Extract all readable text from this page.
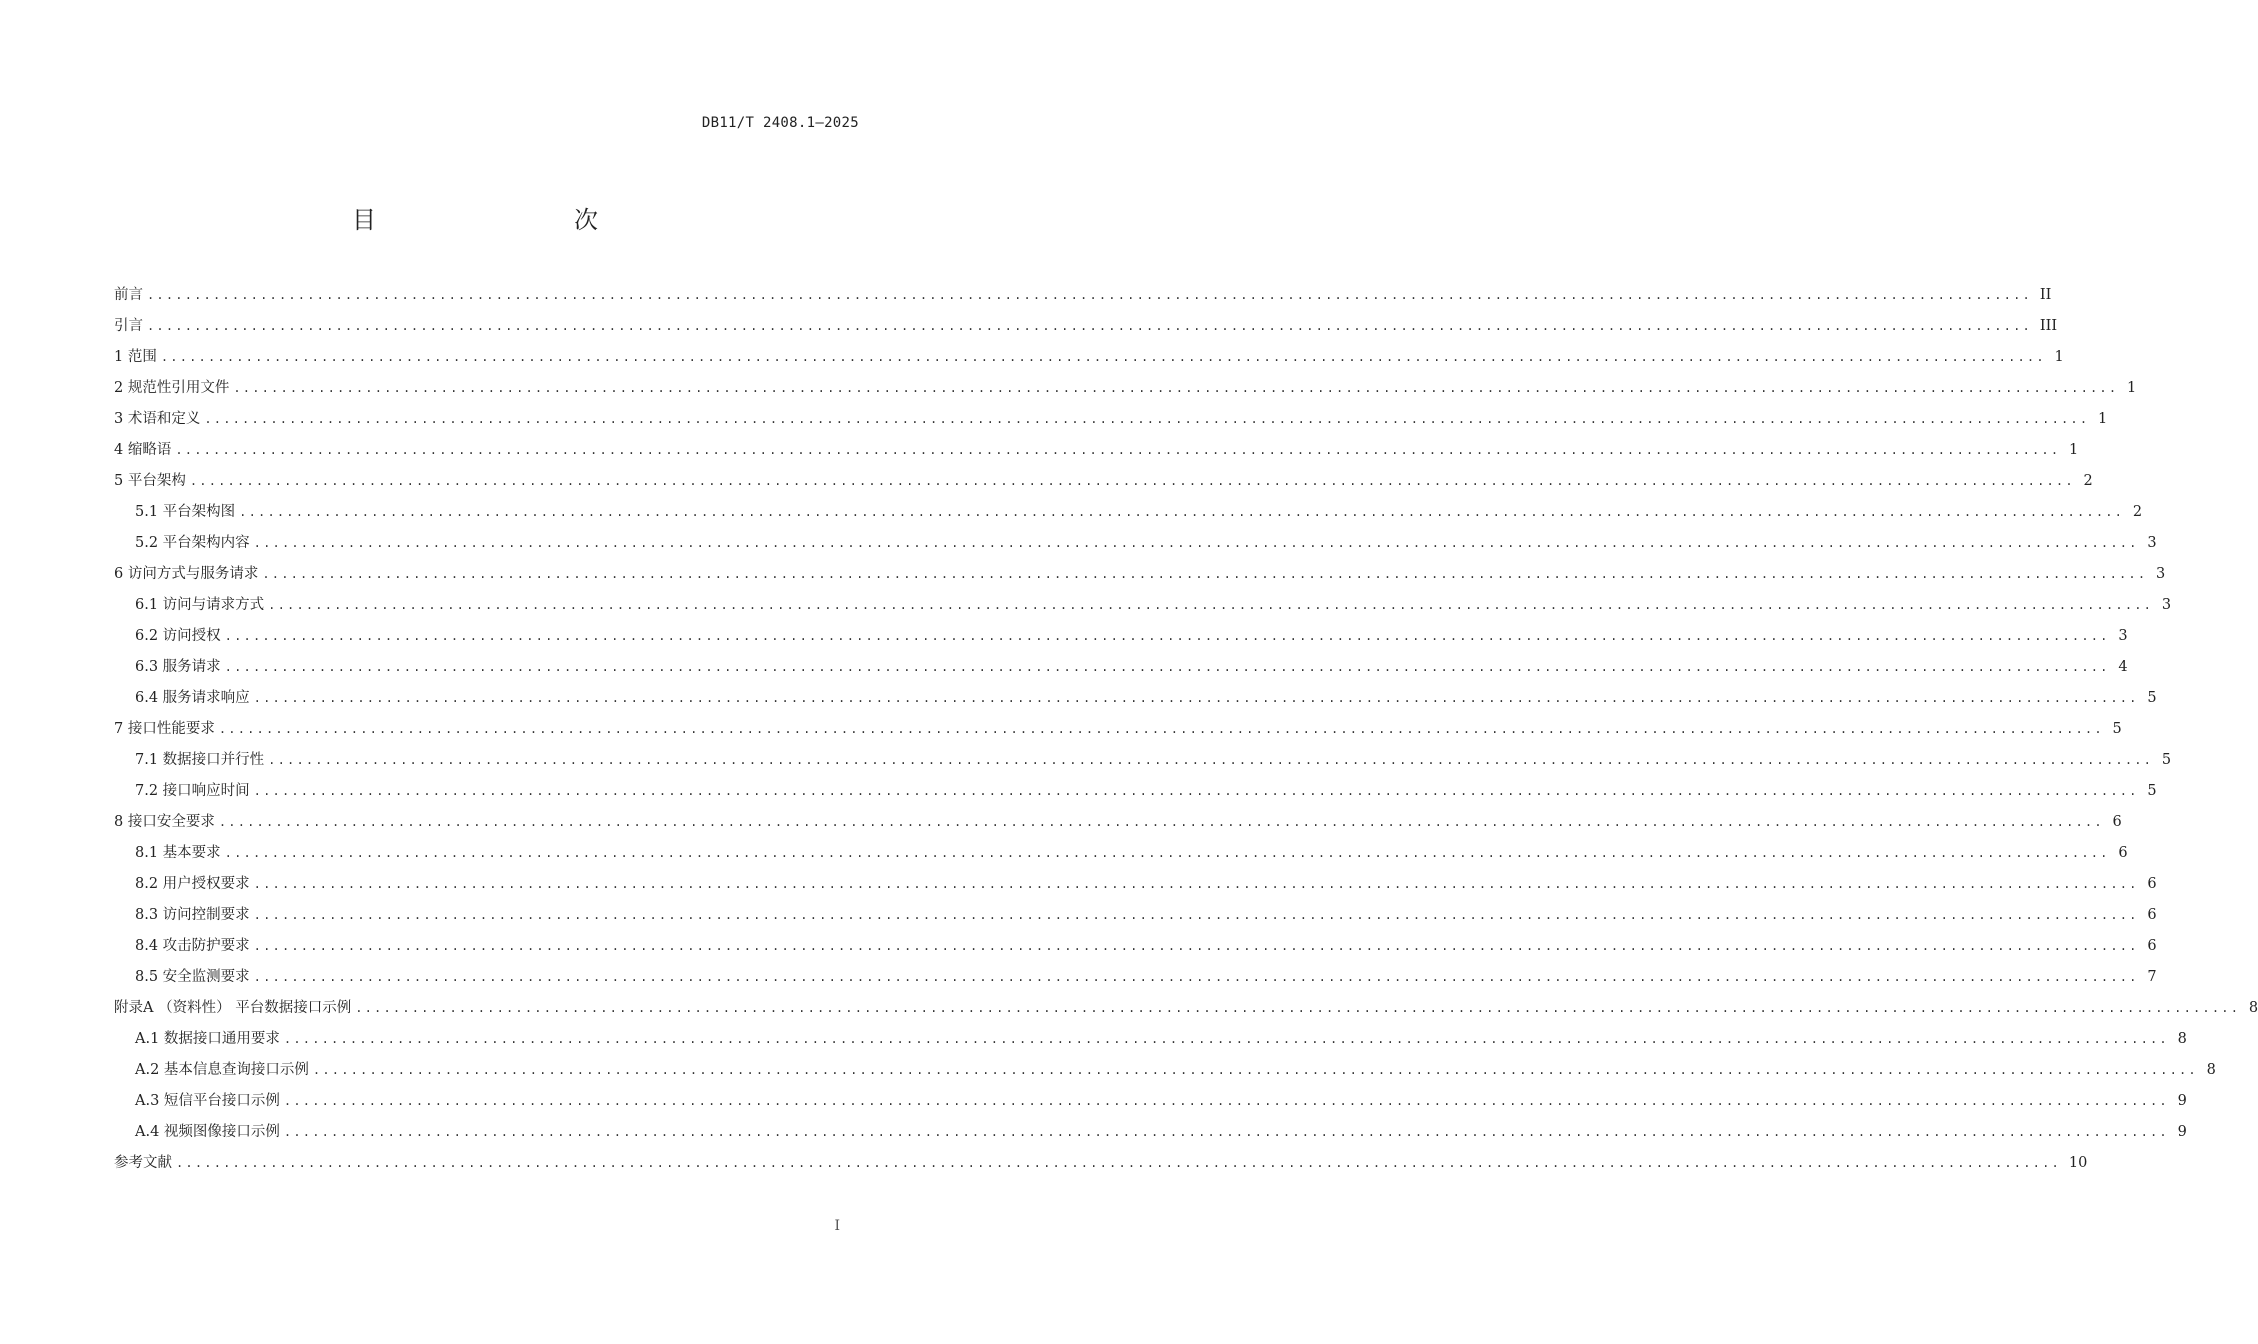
DB11/T 2408.1—2025
目　　次
前言 ........................................................................................................................................................................................................ II
引言 ........................................................................................................................................................................................................ III
1 范围 ........................................................................................................................................................................................................ 1
2 规范性引用文件 ........................................................................................................................................................................................................ 1
3 术语和定义 ........................................................................................................................................................................................................ 1
4 缩略语 ........................................................................................................................................................................................................ 1
5 平台架构 ........................................................................................................................................................................................................ 2
5.1 平台架构图 ........................................................................................................................................................................................................ 2
5.2 平台架构内容 ........................................................................................................................................................................................................ 3
6 访问方式与服务请求 ........................................................................................................................................................................................................ 3
6.1 访问与请求方式 ........................................................................................................................................................................................................ 3
6.2 访问授权 ........................................................................................................................................................................................................ 3
6.3 服务请求 ........................................................................................................................................................................................................ 4
6.4 服务请求响应 ........................................................................................................................................................................................................ 5
7 接口性能要求 ........................................................................................................................................................................................................ 5
7.1 数据接口并行性 ........................................................................................................................................................................................................ 5
7.2 接口响应时间 ........................................................................................................................................................................................................ 5
8 接口安全要求 ........................................................................................................................................................................................................ 6
8.1 基本要求 ........................................................................................................................................................................................................ 6
8.2 用户授权要求 ........................................................................................................................................................................................................ 6
8.3 访问控制要求 ........................................................................................................................................................................................................ 6
8.4 攻击防护要求 ........................................................................................................................................................................................................ 6
8.5 安全监测要求 ........................................................................................................................................................................................................ 7
附录A （资料性） 平台数据接口示例 ........................................................................................................................................................................................................ 8
A.1 数据接口通用要求 ........................................................................................................................................................................................................ 8
A.2 基本信息查询接口示例 ........................................................................................................................................................................................................ 8
A.3 短信平台接口示例 ........................................................................................................................................................................................................ 9
A.4 视频图像接口示例 ........................................................................................................................................................................................................ 9
参考文献 ........................................................................................................................................................................................................ 10
I
